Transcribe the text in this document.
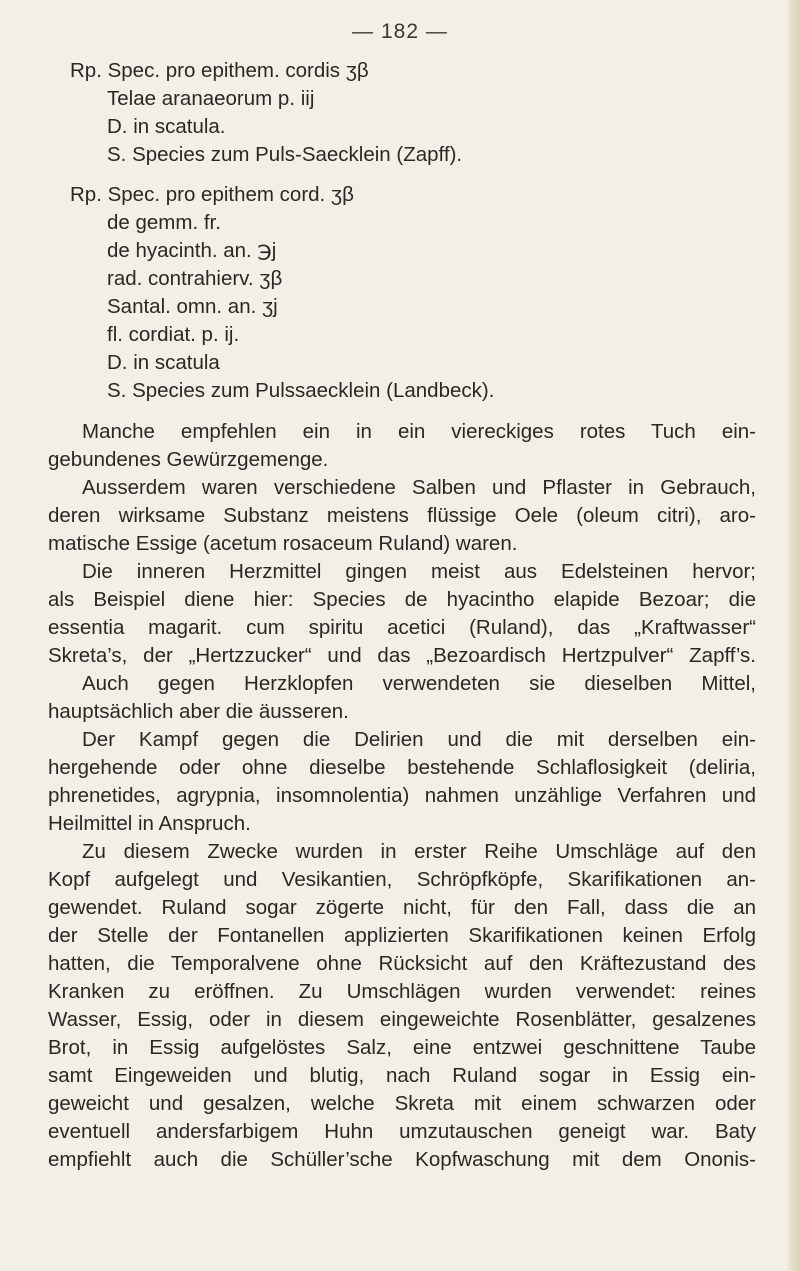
— 182 —
Rp. Spec. pro epithem. cordis ʒβ
Telae aranaeorum p. iij
D. in scatula.
S. Species zum Puls-Saecklein (Zapff).
Rp. Spec. pro epithem cord. ʒβ
de gemm. fr.
de hyacinth. an. ℈j
rad. contrahierv. ʒβ
Santal. omn. an. ʒj
fl. cordiat. p. ij.
D. in scatula
S. Species zum Pulssaecklein (Landbeck).
Manche empfehlen ein in ein viereckiges rotes Tuch ein-
gebundenes Gewürzgemenge.
Ausserdem waren verschiedene Salben und Pflaster in Gebrauch,
deren wirksame Substanz meistens flüssige Oele (oleum citri), aro-
matische Essige (acetum rosaceum Ruland) waren.
Die inneren Herzmittel gingen meist aus Edelsteinen hervor;
als Beispiel diene hier: Species de hyacintho elapide Bezoar; die
essentia magarit. cum spiritu acetici (Ruland), das „Kraftwasser“
Skreta’s, der „Hertzzucker“ und das „Bezoardisch Hertzpulver“ Zapff’s.
Auch gegen Herzklopfen verwendeten sie dieselben Mittel,
hauptsächlich aber die äusseren.
Der Kampf gegen die Delirien und die mit derselben ein-
hergehende oder ohne dieselbe bestehende Schlaflosigkeit (deliria,
phrenetides, agrypnia, insomnolentia) nahmen unzählige Verfahren und
Heilmittel in Anspruch.
Zu diesem Zwecke wurden in erster Reihe Umschläge auf den
Kopf aufgelegt und Vesikantien, Schröpfköpfe, Skarifikationen an-
gewendet. Ruland sogar zögerte nicht, für den Fall, dass die an
der Stelle der Fontanellen applizierten Skarifikationen keinen Erfolg
hatten, die Temporalvene ohne Rücksicht auf den Kräftezustand des
Kranken zu eröffnen. Zu Umschlägen wurden verwendet: reines
Wasser, Essig, oder in diesem eingeweichte Rosenblätter, gesalzenes
Brot, in Essig aufgelöstes Salz, eine entzwei geschnittene Taube
samt Eingeweiden und blutig, nach Ruland sogar in Essig ein-
geweicht und gesalzen, welche Skreta mit einem schwarzen oder
eventuell andersfarbigem Huhn umzutauschen geneigt war. Baty
empfiehlt auch die Schüller’sche Kopfwaschung mit dem Ononis-
